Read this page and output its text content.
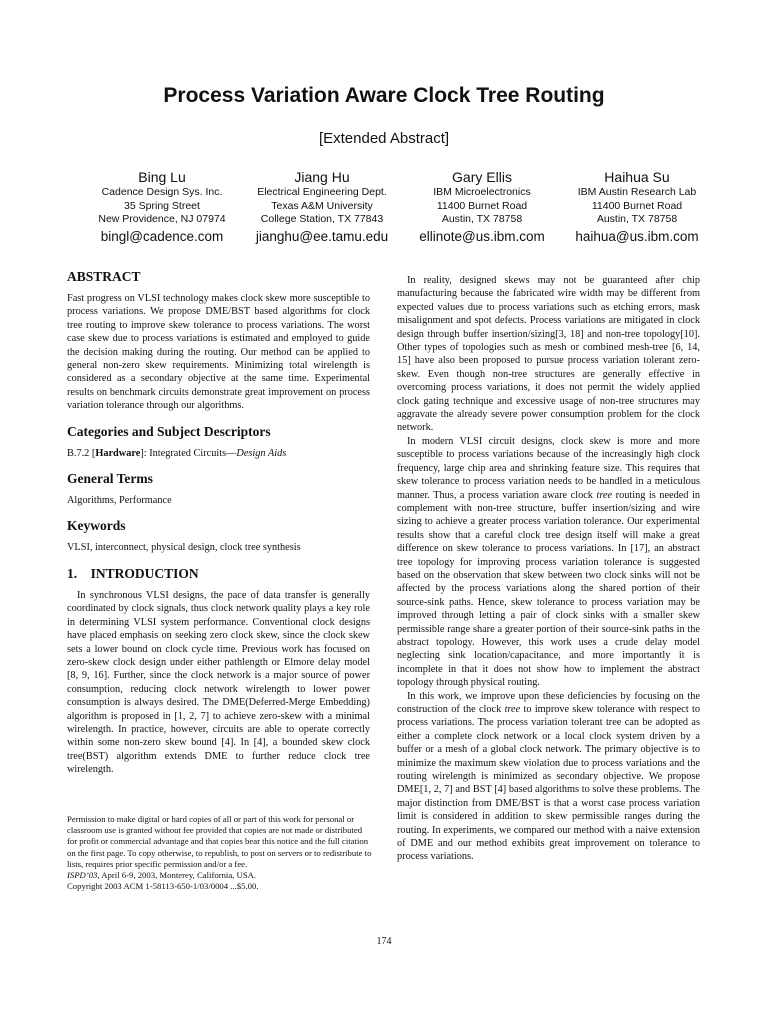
Process Variation Aware Clock Tree Routing
[Extended Abstract]
Bing Lu
Cadence Design Sys. Inc.
35 Spring Street
New Providence, NJ 07974
bingl@cadence.com
Jiang Hu
Electrical Engineering Dept.
Texas A&M University
College Station, TX 77843
jianghu@ee.tamu.edu
Gary Ellis
IBM Microelectronics
11400 Burnet Road
Austin, TX 78758
ellinote@us.ibm.com
Haihua Su
IBM Austin Research Lab
11400 Burnet Road
Austin, TX 78758
haihua@us.ibm.com
ABSTRACT

Fast progress on VLSI technology makes clock skew more susceptible to process variations. We propose DME/BST based algorithms for clock tree routing to improve skew tolerance to process variations. The worst case skew due to process variations is estimated and employed to guide the decision making during the routing. Our method can be applied to general non-zero skew requirements. Minimizing total wirelength is considered as a secondary objective at the same time. Experimental results on benchmark circuits demonstrate great improvement on process variation tolerance through our algorithms.

Categories and Subject Descriptors

B.7.2 [Hardware]: Integrated Circuits—Design Aids

General Terms

Algorithms, Performance

Keywords

VLSI, interconnect, physical design, clock tree synthesis

1.    INTRODUCTION

In synchronous VLSI designs, the pace of data transfer is generally coordinated by clock signals, thus clock network quality plays a key role in determining VLSI system performance. Conventional clock designs have placed emphasis on seeking zero clock skew, since the clock skew sets a lower bound on clock cycle time. Previous work has focused on zero-skew clock design under either pathlength or Elmore delay model [8, 9, 16]. Further, since the clock network is a major source of power consumption, reducing clock network wirelength to lower power consumption is always desired. The DME(Deferred-Merge Embedding) algorithm is proposed in [1, 2, 7] to achieve zero-skew with a minimal wirelength. In practice, however, circuits are able to operate correctly within some non-zero skew bound [4]. In [4], a bounded skew clock tree(BST) algorithm extends DME to further reduce clock tree wirelength.

Permission to make digital or hard copies of all or part of this work for personal or classroom use is granted without fee provided that copies are not made or distributed for profit or commercial advantage and that copies bear this notice and the full citation on the first page. To copy otherwise, to republish, to post on servers or to redistribute to lists, requires prior specific permission and/or a fee.

ISPD’03, April 6-9, 2003, Monterey, California, USA.

Copyright 2003 ACM 1-58113-650-1/03/0004 ...$5.00.

In reality, designed skews may not be guaranteed after chip manufacturing because the fabricated wire width may be different from expected values due to process variations such as etching errors, mask misalignment and spot defects. Process variations are mitigated in clock design through buffer insertion/sizing[3, 18] and non-tree topology[10]. Other types of topologies such as mesh or combined mesh-tree [6, 14, 15] have also been proposed to pursue process variation tolerant zero-skew. Even though non-tree structures are generally effective in overcoming process variations, it does not permit the widely applied clock gating technique and excessive usage of non-tree structures may aggravate the already severe power consumption problem for the clock network.

In modern VLSI circuit designs, clock skew is more and more susceptible to process variations because of the increasingly high clock frequency, large chip area and shrinking feature size. This requires that skew tolerance to process variation needs to be handled in a meticulous manner. Thus, a process variation aware clock tree routing is needed in complement with non-tree structure, buffer insertion/sizing and wire sizing to achieve a greater process variation tolerance. Our experimental results show that a careful clock tree design itself will make a great difference on skew tolerance to process variations. In [17], an abstract tree topology for improving process variation tolerance is suggested based on the observation that skew between two clock sinks will not be affected by the process variations along the shared portion of their source-sink paths. Hence, skew tolerance to process variation may be improved through letting a pair of clock sinks with a smaller skew permissible range share a greater portion of their source-sink paths in the abstract topology. However, this work uses a crude delay model neglecting sink location/capacitance, and more importantly it is incomplete in that it does not show how to implement the abstract topology through physical routing.

In this work, we improve upon these deficiencies by focusing on the construction of the clock tree to improve skew tolerance with respect to process variations. The process variation tolerant tree can be adopted as either a complete clock network or a local clock system driven by a buffer or a mesh of a global clock network. The primary objective is to minimize the maximum skew violation due to process variations and the routing wirelength is minimized as secondary objective. We propose DME[1, 2, 7] and BST [4] based algorithms to solve these problems. The major distinction from DME/BST is that a worst case process variation limit is considered in addition to skew permissible ranges during the routing. In experiments, we compared our method with a naive extension of DME and our method exhibits great improvement on tolerance to process variations.

174
